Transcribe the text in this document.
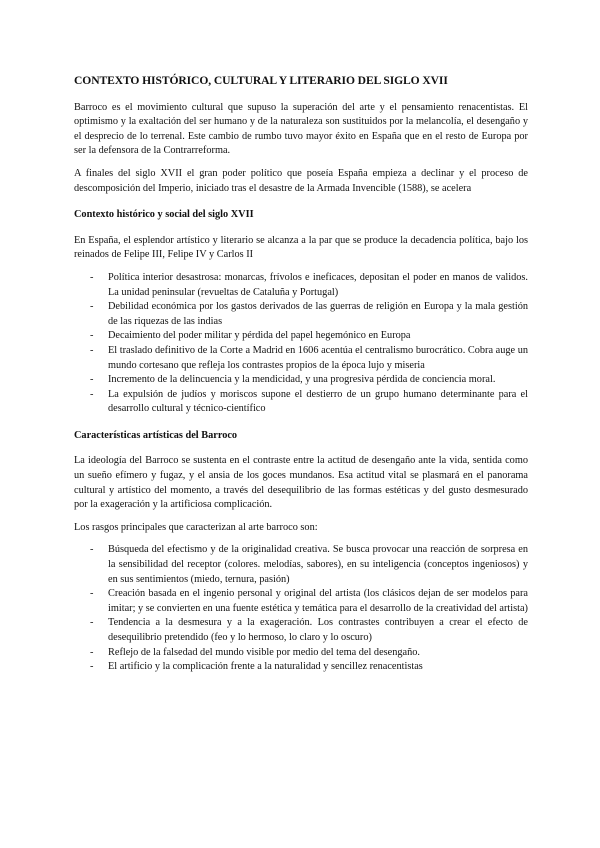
CONTEXTO HISTÓRICO, CULTURAL Y LITERARIO DEL SIGLO XVII

Barroco es el movimiento cultural que supuso la superación del arte y el pensamiento renacentistas. El optimismo y la exaltación del ser humano y de la naturaleza son sustituidos por la melancolía, el desengaño y el desprecio de lo terrenal. Este cambio de rumbo tuvo mayor éxito en España que en el resto de Europa por ser la defensora de la Contrarreforma.

A finales del siglo XVII el gran poder político que poseía España empieza a declinar y el proceso de descomposición del Imperio, iniciado tras el desastre de la Armada Invencible (1588), se acelera

Contexto histórico y social del siglo XVII

En España, el esplendor artístico y literario se alcanza a la par que se produce la decadencia política, bajo los reinados de Felipe III, Felipe IV y Carlos II

- Política interior desastrosa: monarcas, frívolos e ineficaces, depositan el poder en manos de validos. La unidad peninsular (revueltas de Cataluña y Portugal)
- Debilidad económica por los gastos derivados de las guerras de religión en Europa y la mala gestión de las riquezas de las indias
- Decaimiento del poder militar y pérdida del papel hegemónico en Europa
- El traslado definitivo de la Corte a Madrid en 1606 acentúa el centralismo burocrático. Cobra auge un mundo cortesano que refleja los contrastes propios de la época lujo y miseria
- Incremento de la delincuencia y la mendicidad, y una progresiva pérdida de conciencia moral.
- La expulsión de judíos y moriscos supone el destierro de un grupo humano determinante para el desarrollo cultural y técnico-científico
Características artísticas del Barroco

La ideología del Barroco se sustenta en el contraste entre la actitud de desengaño ante la vida, sentida como un sueño efímero y fugaz, y el ansia de los goces mundanos. Esa actitud vital se plasmará en el panorama cultural y artístico del momento, a través del desequilibrio de las formas estéticas y del gusto desmesurado por la exageración y la artificiosa complicación.

Los rasgos principales que caracterizan al arte barroco son:

- Búsqueda del efectismo y de la originalidad creativa. Se busca provocar una reacción de sorpresa en la sensibilidad del receptor (colores. melodías, sabores), en su inteligencia (conceptos ingeniosos) y en sus sentimientos (miedo, ternura, pasión)
- Creación basada en el ingenio personal y original del artista (los clásicos dejan de ser modelos para imitar; y se convierten en una fuente estética y temática para el desarrollo de la creatividad del artista)
- Tendencia a la desmesura y a la exageración. Los contrastes contribuyen a crear el efecto de desequilibrio pretendido (feo y lo hermoso, lo claro y lo oscuro)
- Reflejo de la falsedad del mundo visible por medio del tema del desengaño.
- El artificio y la complicación frente a la naturalidad y sencillez renacentistas
